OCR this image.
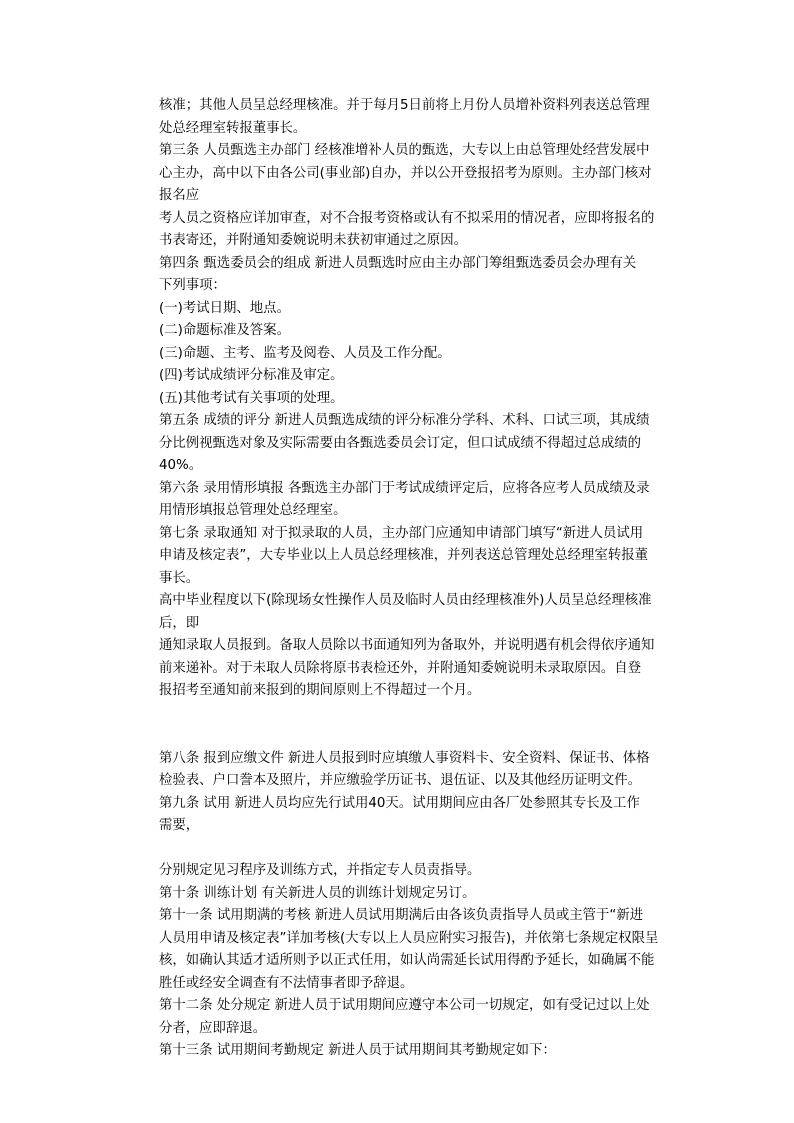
核准；其他人员呈总经理核准。并于每月5日前将上月份人员增补资料列表送总管理
处总经理室转报董事长。
第三条 人员甄选主办部门 经核准增补人员的甄选，大专以上由总管理处经营发展中
心主办，高中以下由各公司(事业部)自办，并以公开登报招考为原则。主办部门核对
报名应
考人员之资格应详加审查，对不合报考资格或认有不拟采用的情况者，应即将报名的
书表寄还，并附通知委婉说明未获初审通过之原因。
第四条 甄选委员会的组成 新进人员甄选时应由主办部门筹组甄选委员会办理有关
下列事项：
(一)考试日期、地点。
(二)命题标准及答案。
(三)命题、主考、监考及阅卷、人员及工作分配。
(四)考试成绩评分标准及审定。
(五)其他考试有关事项的处理。
第五条 成绩的评分 新进人员甄选成绩的评分标准分学科、术科、口试三项，其成绩
分比例视甄选对象及实际需要由各甄选委员会订定，但口试成绩不得超过总成绩的
40%。
第六条 录用情形填报 各甄选主办部门于考试成绩评定后，应将各应考人员成绩及录
用情形填报总管理处总经理室。
第七条 录取通知 对于拟录取的人员，主办部门应通知申请部门填写“新进人员试用
申请及核定表”，大专毕业以上人员总经理核准，并列表送总管理处总经理室转报董
事长。
高中毕业程度以下(除现场女性操作人员及临时人员由经理核准外)人员呈总经理核准
后，即
通知录取人员报到。备取人员除以书面通知列为备取外，并说明遇有机会得依序通知
前来递补。对于未取人员除将原书表检还外，并附通知委婉说明未录取原因。自登
报招考至通知前来报到的期间原则上不得超过一个月。
第八条 报到应缴文件 新进人员报到时应填缴人事资料卡、安全资料、保证书、体格
检验表、户口誊本及照片，并应缴验学历证书、退伍证、以及其他经历证明文件。
第九条 试用 新进人员均应先行试用40天。试用期间应由各厂处参照其专长及工作
需要，
分别规定见习程序及训练方式，并指定专人员责指导。
第十条 训练计划 有关新进人员的训练计划规定另订。
第十一条 试用期满的考核 新进人员试用期满后由各该负责指导人员或主管于“新进
人员用申请及核定表”详加考核(大专以上人员应附实习报告)，并依第七条规定权限呈
核，如确认其适才适所则予以正式任用，如认尚需延长试用得酌予延长，如确属不能
胜任或经安全调查有不法情事者即予辞退。
第十二条 处分规定 新进人员于试用期间应遵守本公司一切规定，如有受记过以上处
分者，应即辞退。
第十三条 试用期间考勤规定 新进人员于试用期间其考勤规定如下：
